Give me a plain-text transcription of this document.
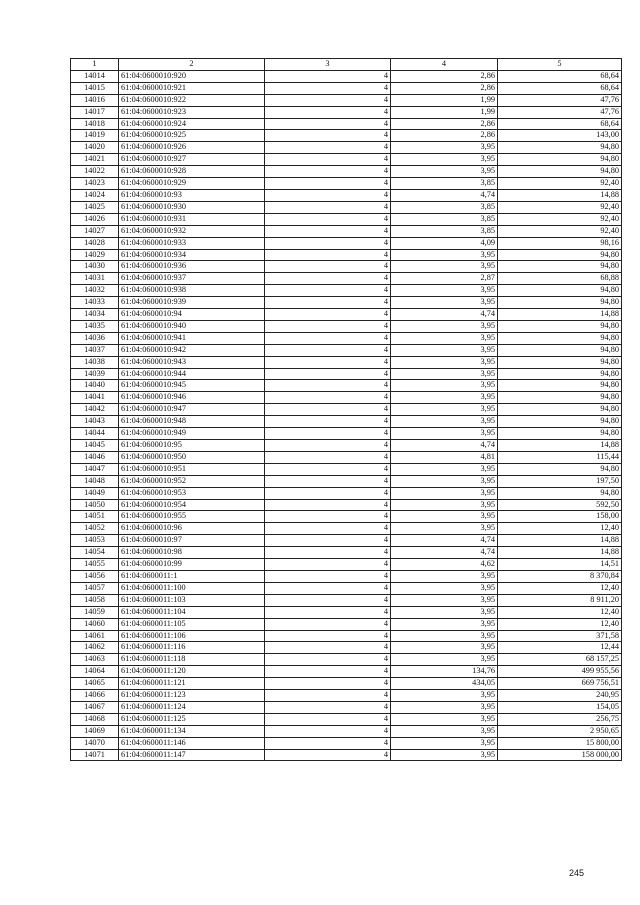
1	2	3	4	5
14014	61:04:0600010:920	4	2,86	68,64
14015	61:04:0600010:921	4	2,86	68,64
14016	61:04:0600010:922	4	1,99	47,76
14017	61:04:0600010:923	4	1,99	47,76
14018	61:04:0600010:924	4	2,86	68,64
14019	61:04:0600010:925	4	2,86	143,00
14020	61:04:0600010:926	4	3,95	94,80
14021	61:04:0600010:927	4	3,95	94,80
14022	61:04:0600010:928	4	3,95	94,80
14023	61:04:0600010:929	4	3,85	92,40
14024	61:04:0600010:93	4	4,74	14,88
14025	61:04:0600010:930	4	3,85	92,40
14026	61:04:0600010:931	4	3,85	92,40
14027	61:04:0600010:932	4	3,85	92,40
14028	61:04:0600010:933	4	4,09	98,16
14029	61:04:0600010:934	4	3,95	94,80
14030	61:04:0600010:936	4	3,95	94,80
14031	61:04:0600010:937	4	2,87	68,88
14032	61:04:0600010:938	4	3,95	94,80
14033	61:04:0600010:939	4	3,95	94,80
14034	61:04:0600010:94	4	4,74	14,88
14035	61:04:0600010:940	4	3,95	94,80
14036	61:04:0600010:941	4	3,95	94,80
14037	61:04:0600010:942	4	3,95	94,80
14038	61:04:0600010:943	4	3,95	94,80
14039	61:04:0600010:944	4	3,95	94,80
14040	61:04:0600010:945	4	3,95	94,80
14041	61:04:0600010:946	4	3,95	94,80
14042	61:04:0600010:947	4	3,95	94,80
14043	61:04:0600010:948	4	3,95	94,80
14044	61:04:0600010:949	4	3,95	94,80
14045	61:04:0600010:95	4	4,74	14,88
14046	61:04:0600010:950	4	4,81	115,44
14047	61:04:0600010:951	4	3,95	94,80
14048	61:04:0600010:952	4	3,95	197,50
14049	61:04:0600010:953	4	3,95	94,80
14050	61:04:0600010:954	4	3,95	592,50
14051	61:04:0600010:955	4	3,95	158,00
14052	61:04:0600010:96	4	3,95	12,40
14053	61:04:0600010:97	4	4,74	14,88
14054	61:04:0600010:98	4	4,74	14,88
14055	61:04:0600010:99	4	4,62	14,51
14056	61:04:0600011:1	4	3,95	8 370,84
14057	61:04:0600011:100	4	3,95	12,40
14058	61:04:0600011:103	4	3,95	8 911,20
14059	61:04:0600011:104	4	3,95	12,40
14060	61:04:0600011:105	4	3,95	12,40
14061	61:04:0600011:106	4	3,95	371,58
14062	61:04:0600011:116	4	3,95	12,44
14063	61:04:0600011:118	4	3,95	68 157,25
14064	61:04:0600011:120	4	134,76	499 955,56
14065	61:04:0600011:121	4	434,05	669 756,51
14066	61:04:0600011:123	4	3,95	240,95
14067	61:04:0600011:124	4	3,95	154,05
14068	61:04:0600011:125	4	3,95	256,75
14069	61:04:0600011:134	4	3,95	2 950,65
14070	61:04:0600011:146	4	3,95	15 800,00
14071	61:04:0600011:147	4	3,95	158 000,00
245
